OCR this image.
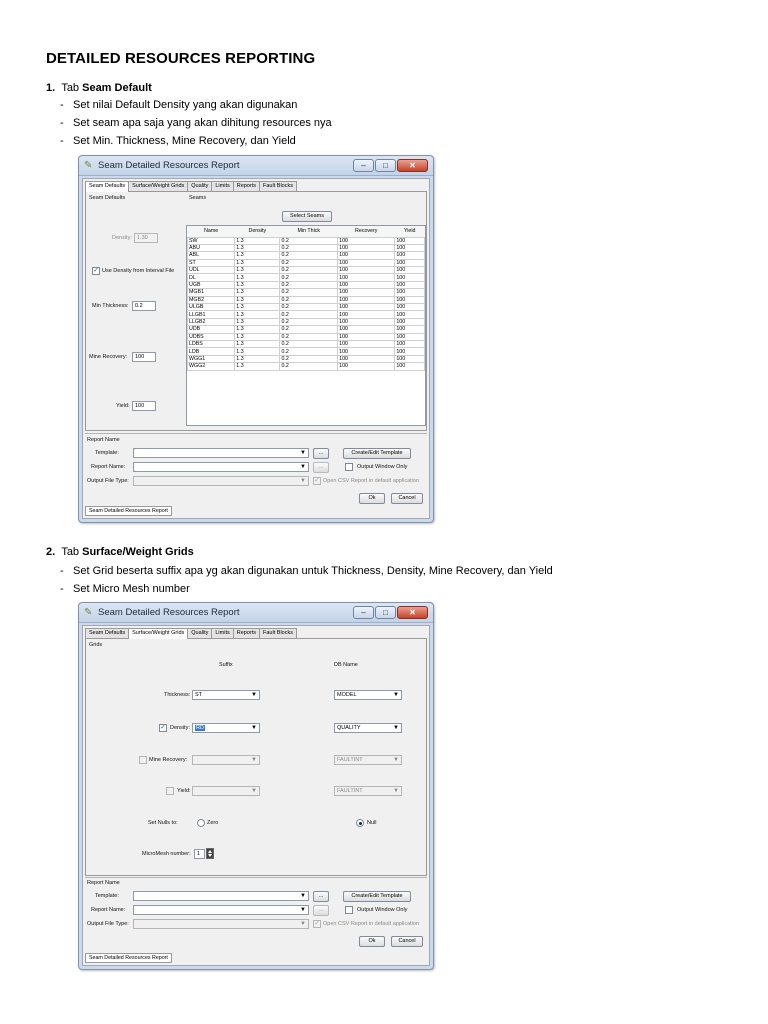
DETAILED RESOURCES REPORTING
1. Tab Seam Default
- Set nilai Default Density yang akan digunakan
- Set seam apa saja yang akan dihitung resources nya
- Set Min. Thickness, Mine Recovery, dan Yield
✎ Seam Detailed Resources Report	–	□	✕
Seam Defaults	Surface/Weight Grids	Quality	Limits	Reports	Fault Blocks
Seam Defaults	Seams
Density: 1.30
✓ Use Density from Interval File
Min Thickness:	0.2
Mine Recovery:	100
Yield: 100
Select Seams
Name	Density	Min Thick	Recovery	Yield
SW	1.3	0.2	100	100
ABU	1.3	0.2	100	100
ABL	1.3	0.2	100	100
ST	1.3	0.2	100	100
UDL	1.3	0.2	100	100
DL	1.3	0.2	100	100
UGB	1.3	0.2	100	100
MGB1	1.3	0.2	100	100
MGB2	1.3	0.2	100	100
ULGB	1.3	0.2	100	100
LLGB1	1.3	0.2	100	100
LLGB2	1.3	0.2	100	100
UDB	1.3	0.2	100	100
UDBS	1.3	0.2	100	100
LDBS	1.3	0.2	100	100
LDB	1.3	0.2	100	100
WGG1	1.3	0.2	100	100
WGG2	1.3	0.2	100	100
Report Name
Template:	▼	...	Create/Edit Template
Report Name:	▼	...	Output Window Only
Output File Type:	▼ ✓ Open CSV Report in default application
Ok	Cancel
Seam Detailed Resources Report
2. Tab Surface/Weight Grids
- Set Grid beserta suffix apa yg akan digunakan untuk Thickness, Density, Mine Recovery, dan Yield
- Set Micro Mesh number
✎ Seam Detailed Resources Report	–	□	✕
Seam Defaults	Surface/Weight Grids	Quality	Limits	Reports	Fault Blocks
Grids
Suffix	DB Name
Thickness: ST	▼	MODEL	▼
✓ Density:	RD	▼	QUALITY	▼
Mine Recovery:	▼	FAULTINT	▼
Yield:	▼	FAULTINT	▼
Set Nulls to:	Zero	Null
MicroMesh number:	1
Report Name
Template:	▼	...	Create/Edit Template
Report Name:	▼	...	Output Window Only
Output File Type:	▼ ✓ Open CSV Report in default application
Ok	Cancel
Seam Detailed Resources Report
